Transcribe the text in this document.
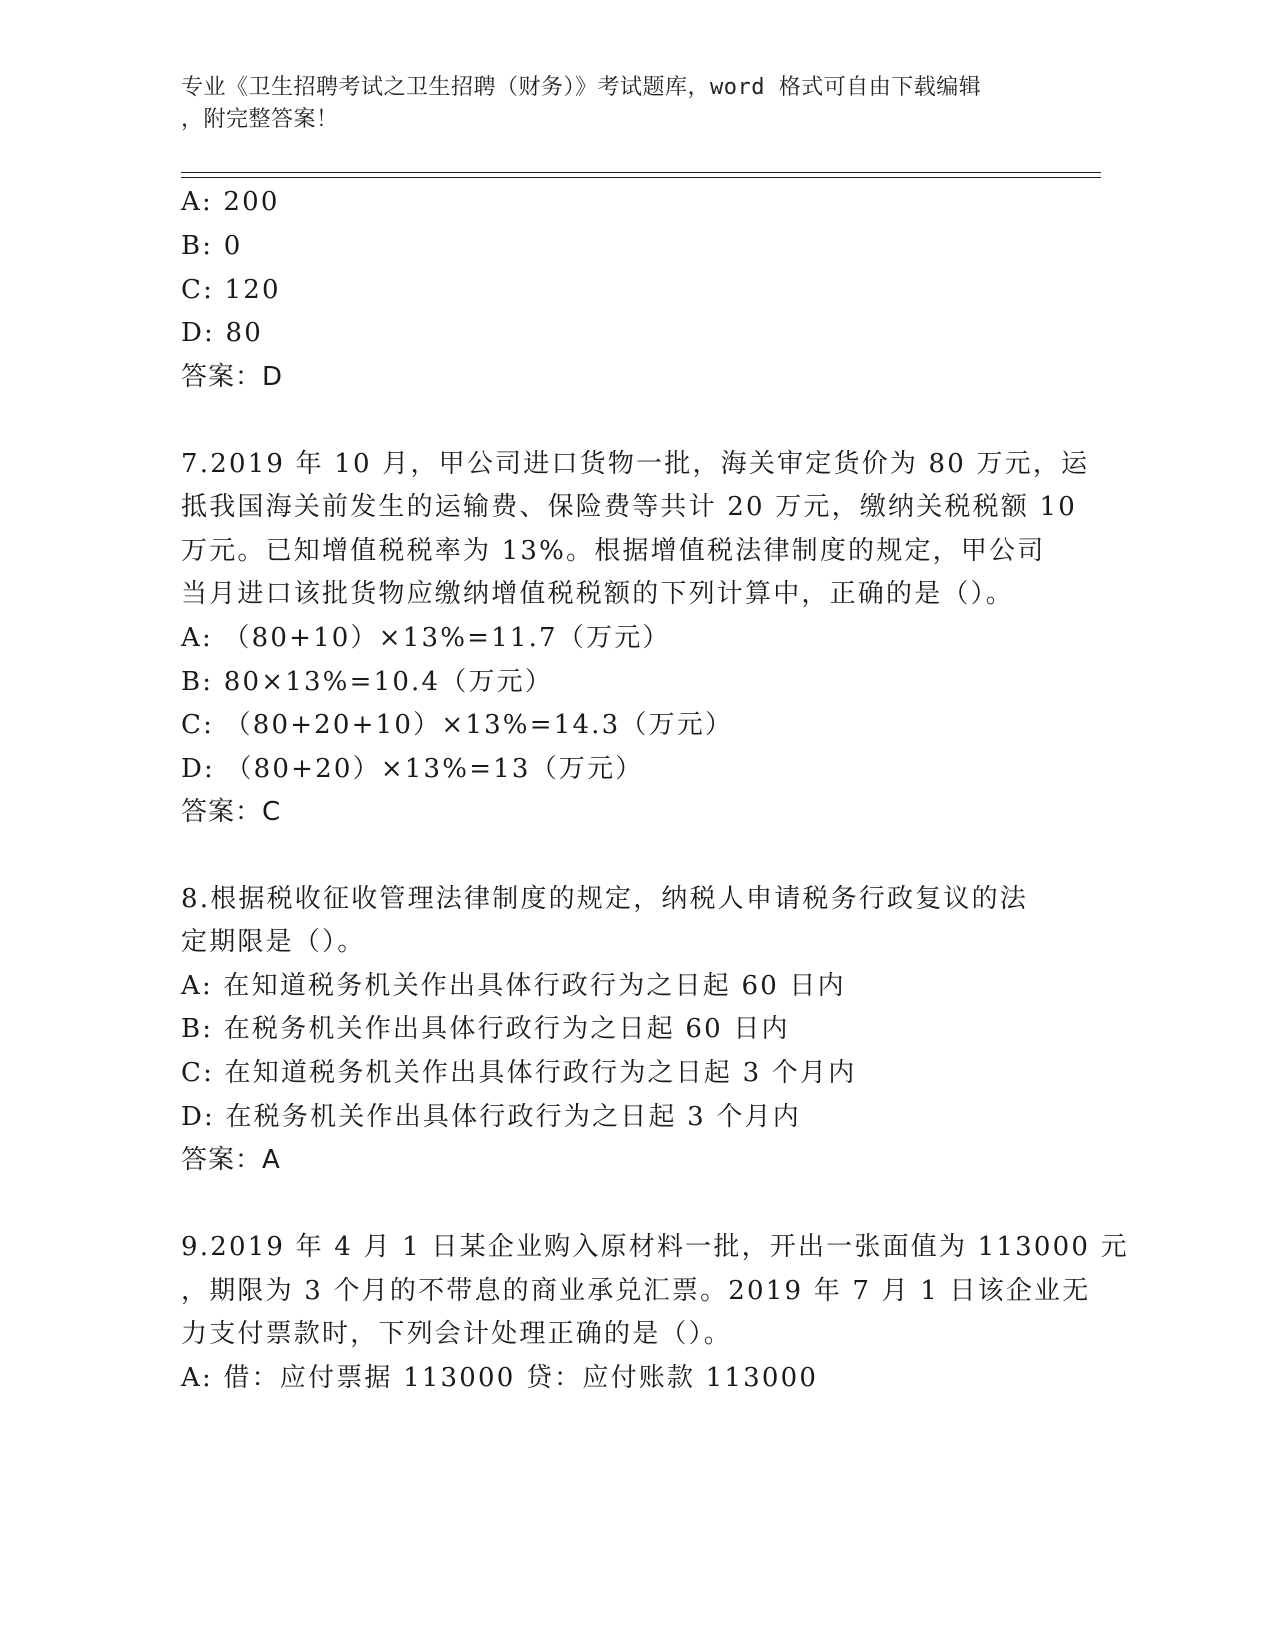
专业《卫生招聘考试之卫生招聘（财务）》考试题库，word 格式可自由下载编辑
，附完整答案！
A: 200
B: 0
C: 120
D: 80
答案：D
7.2019 年 10 月，甲公司进口货物一批，海关审定货价为 80 万元，运
抵我国海关前发生的运输费、保险费等共计 20 万元，缴纳关税税额 10
万元。已知增值税税率为 13%。根据增值税法律制度的规定，甲公司
当月进口该批货物应缴纳增值税税额的下列计算中，正确的是（）。
A: （80+10）×13%=11.7（万元）
B: 80×13%=10.4（万元）
C: （80+20+10）×13%=14.3（万元）
D: （80+20）×13%=13（万元）
答案：C
8.根据税收征收管理法律制度的规定，纳税人申请税务行政复议的法
定期限是（）。
A: 在知道税务机关作出具体行政行为之日起 60 日内
B: 在税务机关作出具体行政行为之日起 60 日内
C: 在知道税务机关作出具体行政行为之日起 3 个月内
D: 在税务机关作出具体行政行为之日起 3 个月内
答案：A
9.2019 年 4 月 1 日某企业购入原材料一批，开出一张面值为 113000 元
，期限为 3 个月的不带息的商业承兑汇票。2019 年 7 月 1 日该企业无
力支付票款时，下列会计处理正确的是（）。
A: 借：应付票据 113000 贷：应付账款 113000
